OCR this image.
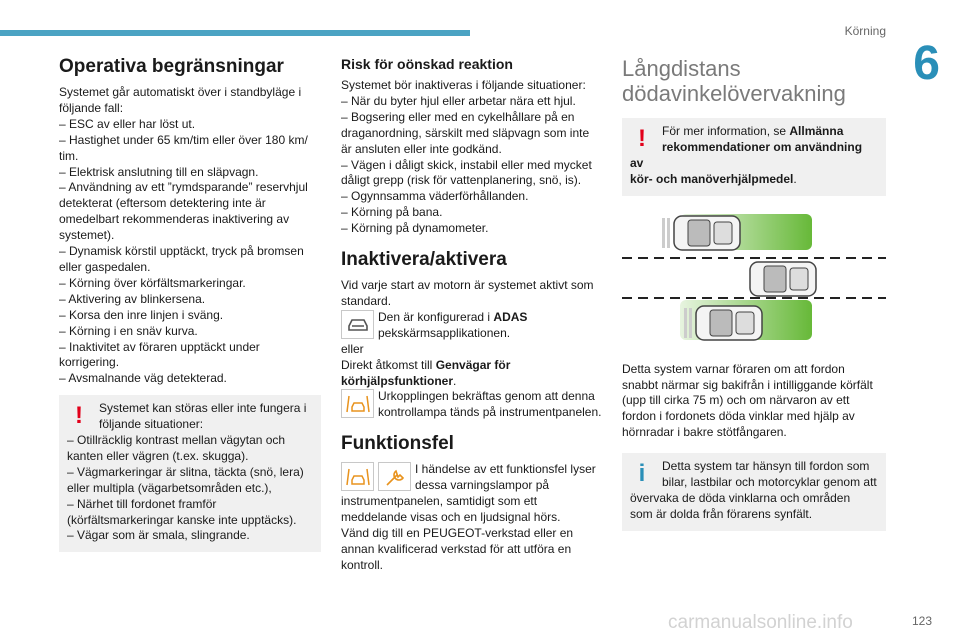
Körning
6
Operativa begränsningar
Systemet går automatiskt över i standbyläge i
följande fall:
– ESC av eller har löst ut.
– Hastighet under 65 km/tim eller över 180 km/
tim.
– Elektrisk anslutning till en släpvagn.
– Användning av ett ”rymdsparande” reservhjul
detekterat (eftersom detektering inte är
omedelbart rekommenderas inaktivering av
systemet).
– Dynamisk körstil upptäckt, tryck på bromsen
eller gaspedalen.
– Körning över körfältsmarkeringar.
– Aktivering av blinkersena.
– Korsa den inre linjen i sväng.
– Körning i en snäv kurva.
– Inaktivitet av föraren upptäckt under
korrigering.
– Avsmalnande väg detekterad.
!	Systemet kan störas eller inte fungera i
följande situationer:
– Otillräcklig kontrast mellan vägytan och
kanten eller vägren (t.ex. skugga).
– Vägmarkeringar är slitna, täckta (snö, lera)
eller multipla (vägarbetsområden etc.),
– Närhet till fordonet framför
(körfältsmarkeringar kanske inte upptäcks).
– Vägar som är smala, slingrande.
Risk för oönskad reaktion
Systemet bör inaktiveras i följande situationer:
– När du byter hjul eller arbetar nära ett hjul.
– Bogsering eller med en cykelhållare på en
draganordning, särskilt med släpvagn som inte
är ansluten eller inte godkänd.
– Vägen i dåligt skick, instabil eller med mycket
dåligt grepp (risk för vattenplanering, snö, is).
– Ogynnsamma väderförhållanden.
– Körning på bana.
– Körning på dynamometer.
Inaktivera/aktivera
Vid varje start av motorn är systemet aktivt som
standard.
Den är konfigurerad i ADAS
pekskärmsapplikationen.
eller
Direkt åtkomst till Genvägar för
körhjälpsfunktioner.
Urkopplingen bekräftas genom att denna
kontrollampa tänds på instrumentpanelen.
Funktionsfel
I händelse av ett funktionsfel lyser
dessa varningslampor på
instrumentpanelen, samtidigt som ett
meddelande visas och en ljudsignal hörs.
Vänd dig till en PEUGEOT-verkstad eller en
annan kvalificerad verkstad för att utföra en
kontroll.
Långdistans
dödavinkelövervakning
!	För mer information, se Allmänna
rekommendationer om användning av
kör- och manöverhjälpmedel.
Detta system varnar föraren om att fordon
snabbt närmar sig bakifrån i intilliggande körfält
(upp till cirka 75 m) och om närvaron av ett
fordon i fordonets döda vinklar med hjälp av
hörnradar i bakre stötfångaren.
i	Detta system tar hänsyn till fordon som
bilar, lastbilar och motorcyklar genom att
övervaka de döda vinklarna och områden
som är dolda från förarens synfält.
carmanualsonline.info	123
